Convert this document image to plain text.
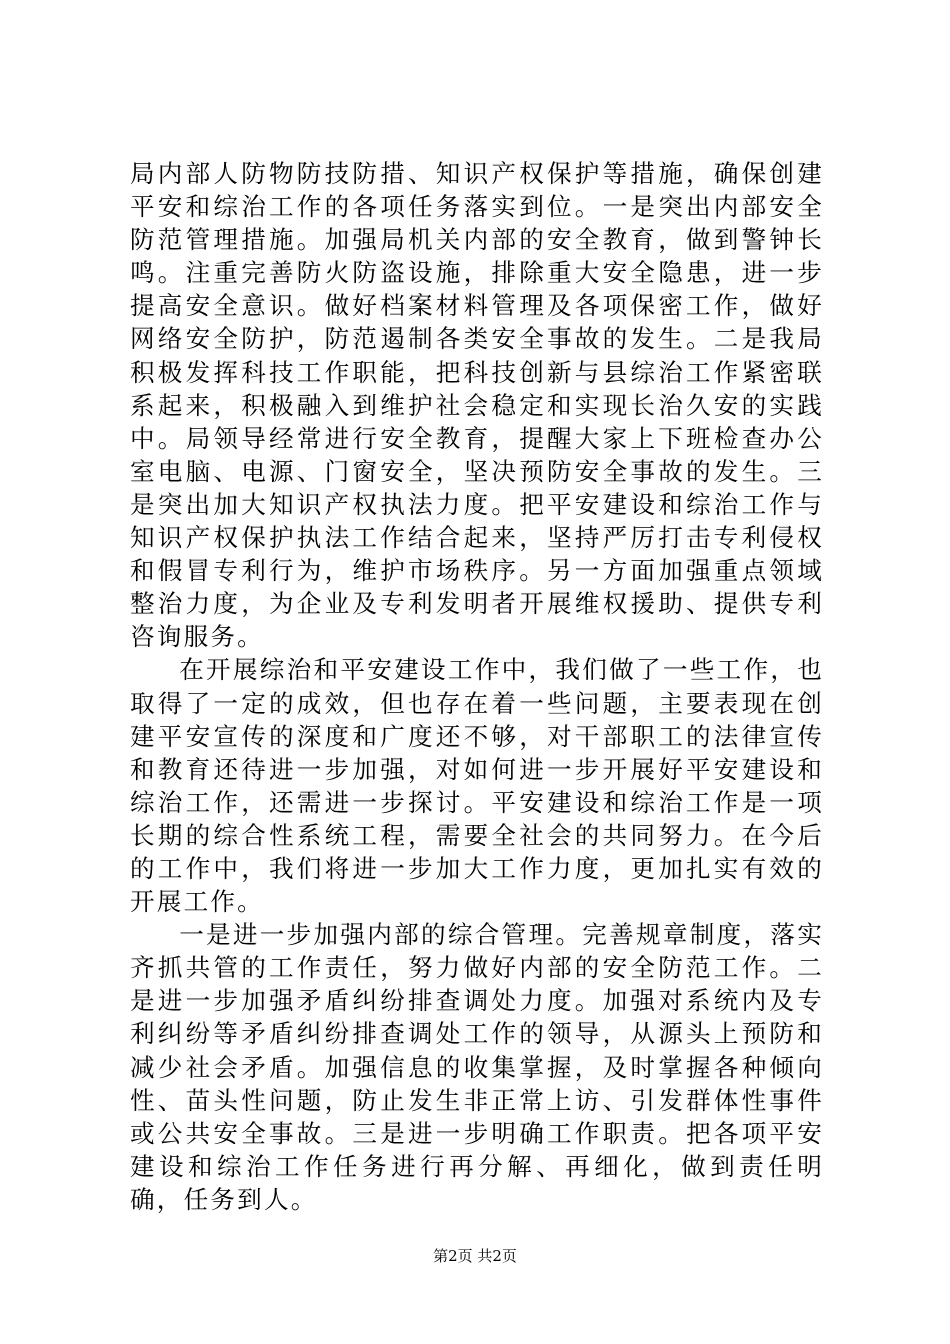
局内部人防物防技防措、知识产权保护等措施，确保创建平安和综治工作的各项任务落实到位。一是突出内部安全防范管理措施。加强局机关内部的安全教育，做到警钟长鸣。注重完善防火防盗设施，排除重大安全隐患，进一步提高安全意识。做好档案材料管理及各项保密工作，做好网络安全防护，防范遏制各类安全事故的发生。二是我局积极发挥科技工作职能，把科技创新与县综治工作紧密联系起来，积极融入到维护社会稳定和实现长治久安的实践中。局领导经常进行安全教育，提醒大家上下班检查办公室电脑、电源、门窗安全，坚决预防安全事故的发生。三是突出加大知识产权执法力度。把平安建设和综治工作与知识产权保护执法工作结合起来，坚持严厉打击专利侵权和假冒专利行为，维护市场秩序。另一方面加强重点领域整治力度，为企业及专利发明者开展维权援助、提供专利咨询服务。

在开展综治和平安建设工作中，我们做了一些工作，也取得了一定的成效，但也存在着一些问题，主要表现在创建平安宣传的深度和广度还不够，对干部职工的法律宣传和教育还待进一步加强，对如何进一步开展好平安建设和综治工作，还需进一步探讨。平安建设和综治工作是一项长期的综合性系统工程，需要全社会的共同努力。在今后的工作中，我们将进一步加大工作力度，更加扎实有效的开展工作。

一是进一步加强内部的综合管理。完善规章制度，落实齐抓共管的工作责任，努力做好内部的安全防范工作。二是进一步加强矛盾纠纷排查调处力度。加强对系统内及专利纠纷等矛盾纠纷排查调处工作的领导，从源头上预防和减少社会矛盾。加强信息的收集掌握，及时掌握各种倾向性、苗头性问题，防止发生非正常上访、引发群体性事件或公共安全事故。三是进一步明确工作职责。把各项平安建设和综治工作任务进行再分解、再细化，做到责任明确，任务到人。

第2页 共2页
